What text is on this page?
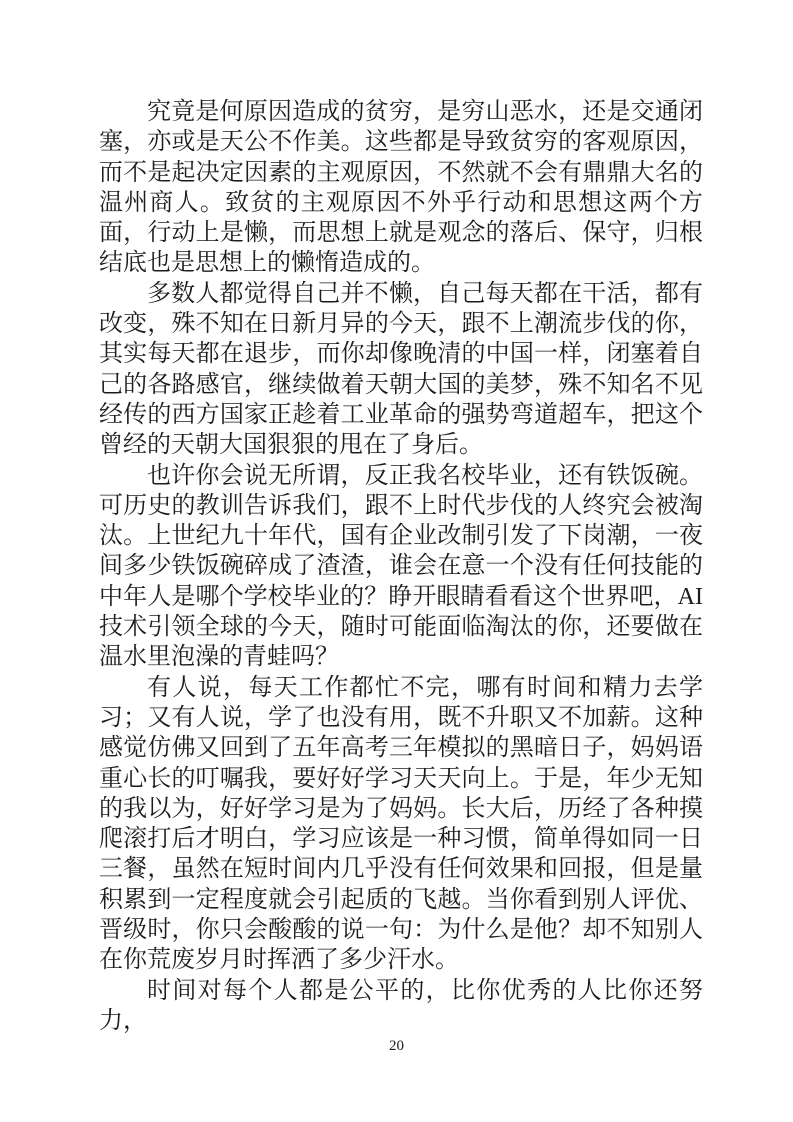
究竟是何原因造成的贫穷，是穷山恶水，还是交通闭塞，亦或是天公不作美。这些都是导致贫穷的客观原因，而不是起决定因素的主观原因，不然就不会有鼎鼎大名的温州商人。致贫的主观原因不外乎行动和思想这两个方面，行动上是懒，而思想上就是观念的落后、保守，归根结底也是思想上的懒惰造成的。

多数人都觉得自己并不懒，自己每天都在干活，都有改变，殊不知在日新月异的今天，跟不上潮流步伐的你，其实每天都在退步，而你却像晚清的中国一样，闭塞着自己的各路感官，继续做着天朝大国的美梦，殊不知名不见经传的西方国家正趁着工业革命的强势弯道超车，把这个曾经的天朝大国狠狠的甩在了身后。

也许你会说无所谓，反正我名校毕业，还有铁饭碗。可历史的教训告诉我们，跟不上时代步伐的人终究会被淘汰。上世纪九十年代，国有企业改制引发了下岗潮，一夜间多少铁饭碗碎成了渣渣，谁会在意一个没有任何技能的中年人是哪个学校毕业的？睁开眼睛看看这个世界吧，AI 技术引领全球的今天，随时可能面临淘汰的你，还要做在温水里泡澡的青蛙吗？

有人说，每天工作都忙不完，哪有时间和精力去学习；又有人说，学了也没有用，既不升职又不加薪。这种感觉仿佛又回到了五年高考三年模拟的黑暗日子，妈妈语重心长的叮嘱我，要好好学习天天向上。于是，年少无知的我以为，好好学习是为了妈妈。长大后，历经了各种摸爬滚打后才明白，学习应该是一种习惯，简单得如同一日三餐，虽然在短时间内几乎没有任何效果和回报，但是量积累到一定程度就会引起质的飞越。当你看到别人评优、晋级时，你只会酸酸的说一句：为什么是他？却不知别人在你荒废岁月时挥洒了多少汗水。

时间对每个人都是公平的，比你优秀的人比你还努力，

20
